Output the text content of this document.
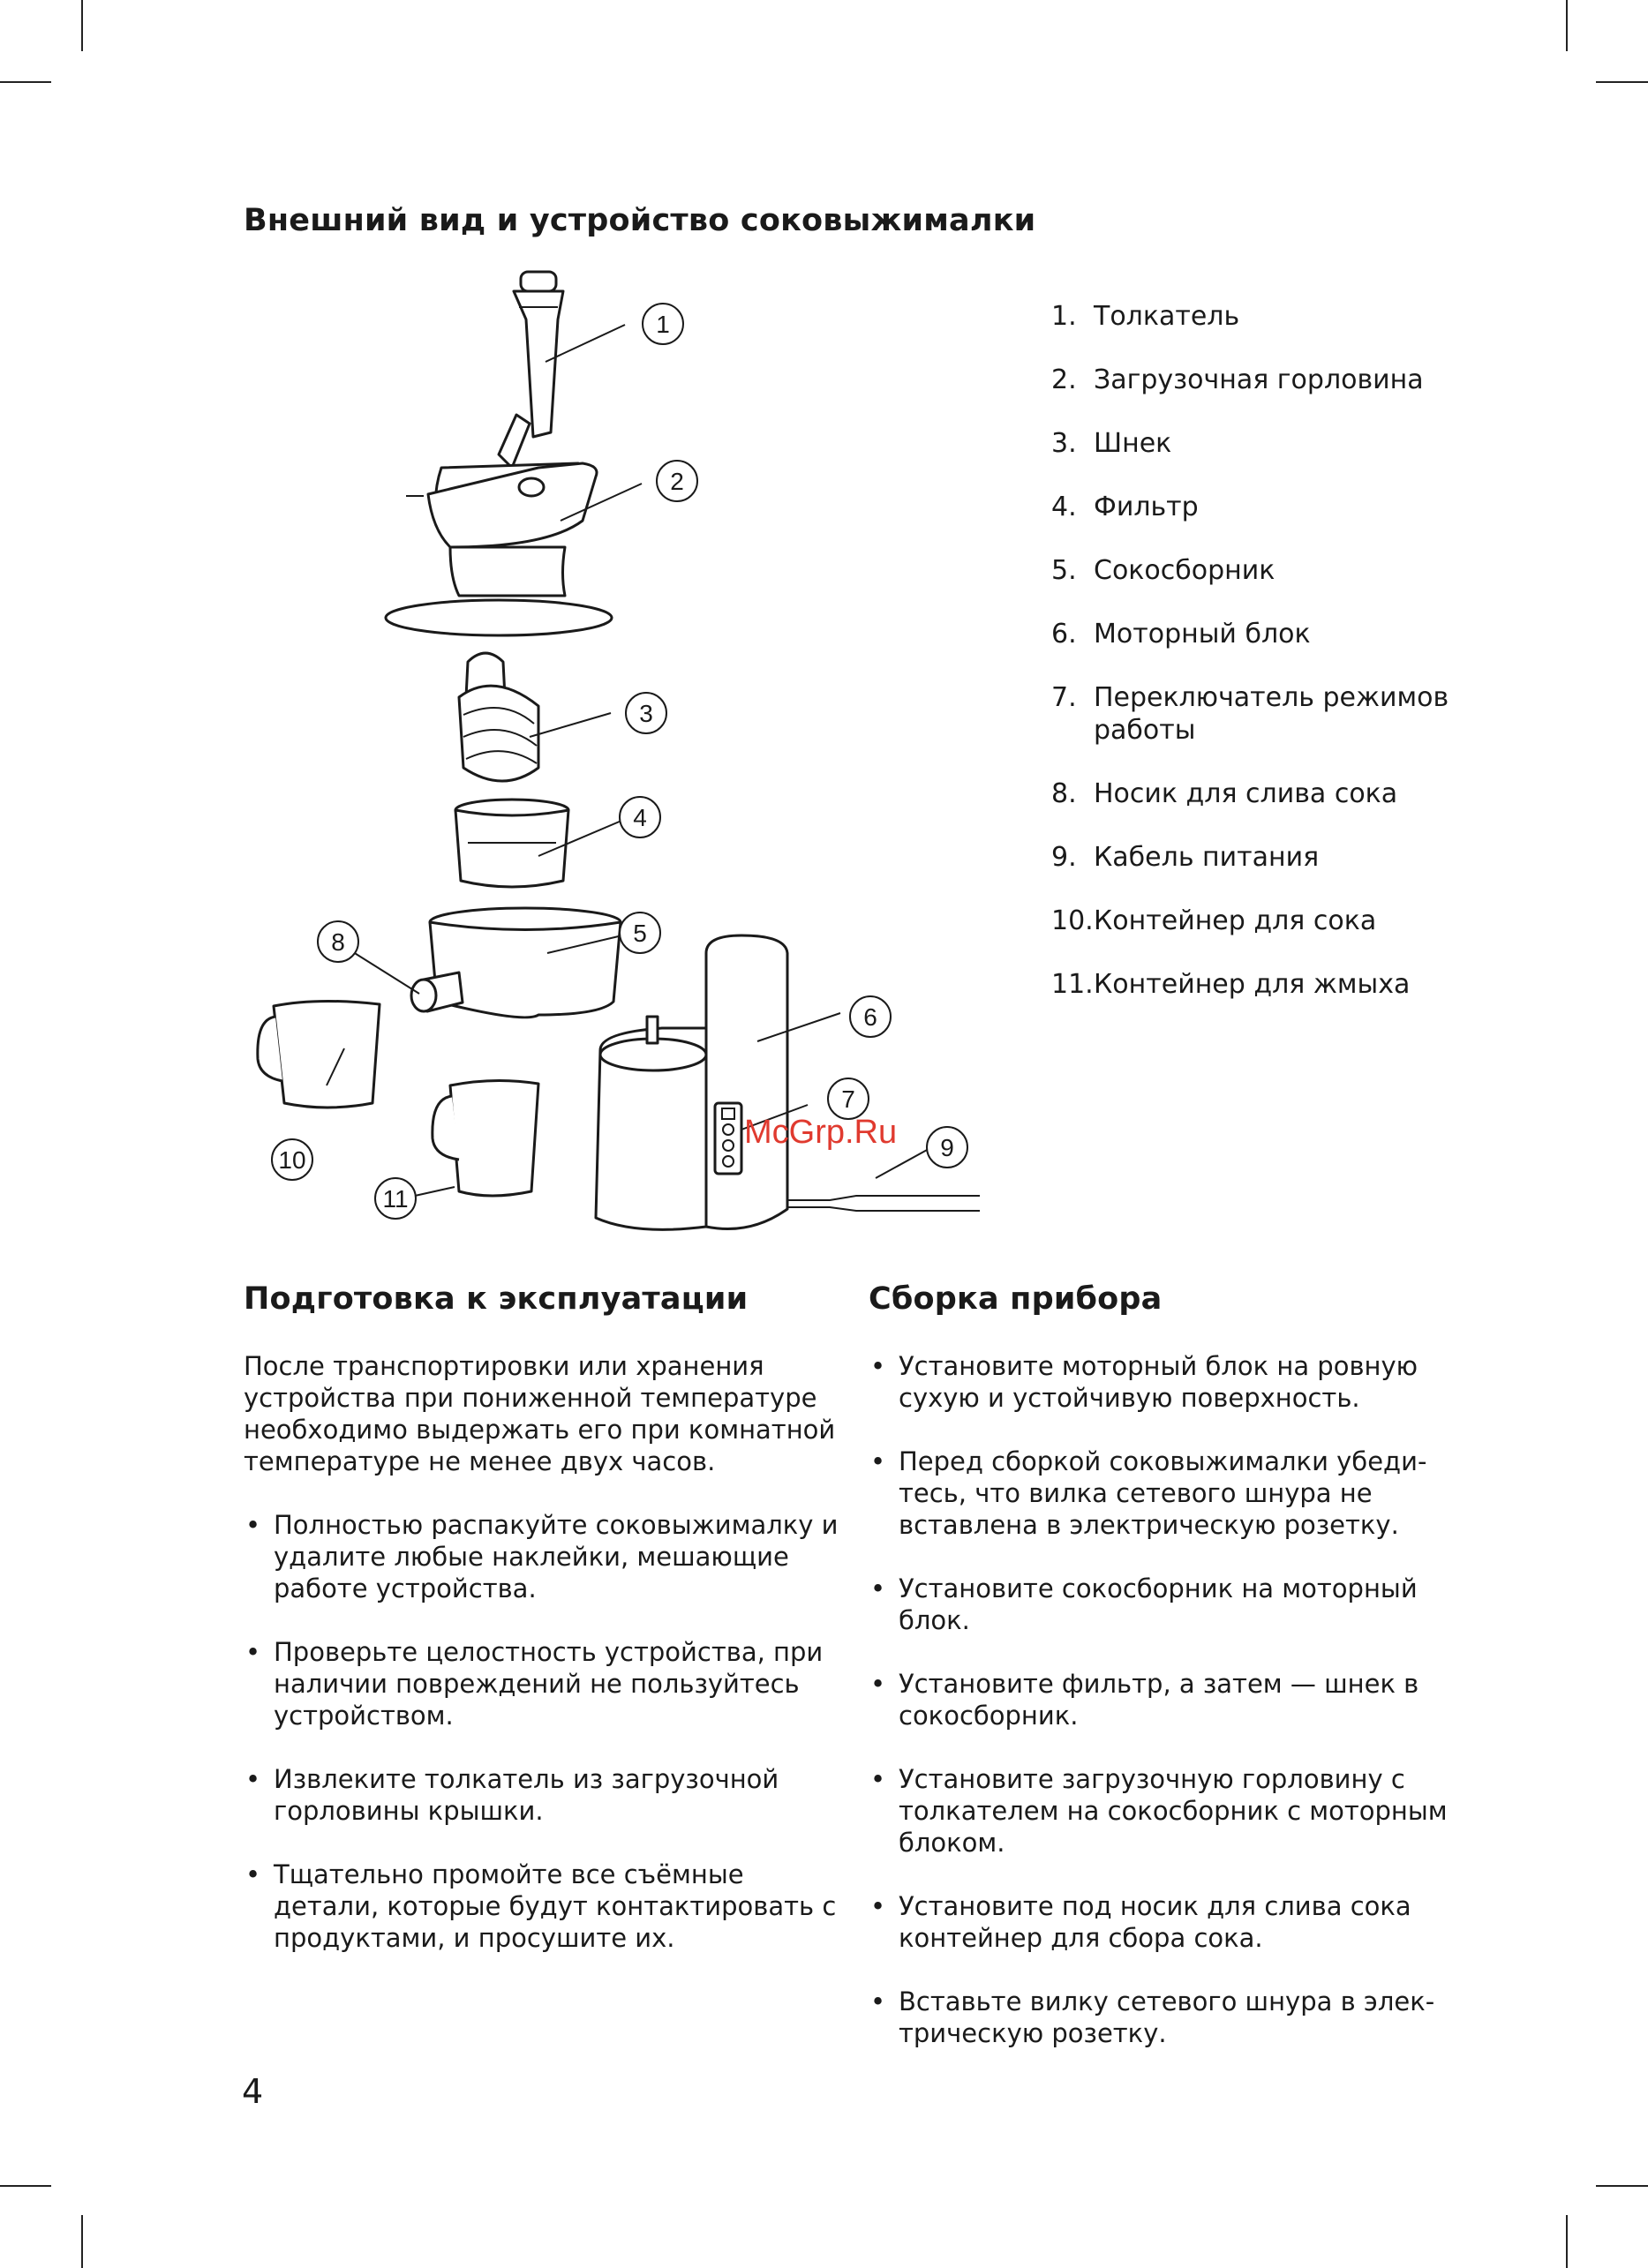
Внешний вид и устройство соковыжималки
1
2
3
4
5
6
7
8
9
10
11
McGrp.Ru
1. Толкатель
2. Загрузочная горловина
3. Шнек
4. Фильтр
5. Сокосборник
6. Моторный блок
7. Переключатель режимов работы
8. Носик для слива сока
9. Кабель питания
10. Контейнер для сока
11. Контейнер для жмыха
Подготовка к эксплуатации	Сборка прибора

После транспортировки или хранения устройства при пониженной температуре необходимо выдержать его при комнатной температуре не менее двух часов.

• Полностью распакуйте соковыжималку и удалите любые наклейки, мешающие работе устройства.
• Проверьте целостность устройства, при наличии повреждений не пользуйтесь устройством.
• Извлеките толкатель из загрузочной горловины крышки.
• Тщательно промойте все съёмные детали, которые будут контактировать с продуктами, и просушите их.
• Установите моторный блок на ровную сухую и устойчивую поверхность.
• Перед сборкой соковыжималки убедитесь, что вилка сетевого шнура не вставлена в электрическую розетку.
• Установите сокосборник на моторный блок.
• Установите фильтр, а затем — шнек в сокосборник.
• Установите загрузочную горловину с толкателем на сокосборник с моторным блоком.
• Установите под носик для слива сока контейнер для сбора сока.
• Вставьте вилку сетевого шнура в электрическую розетку.
4
